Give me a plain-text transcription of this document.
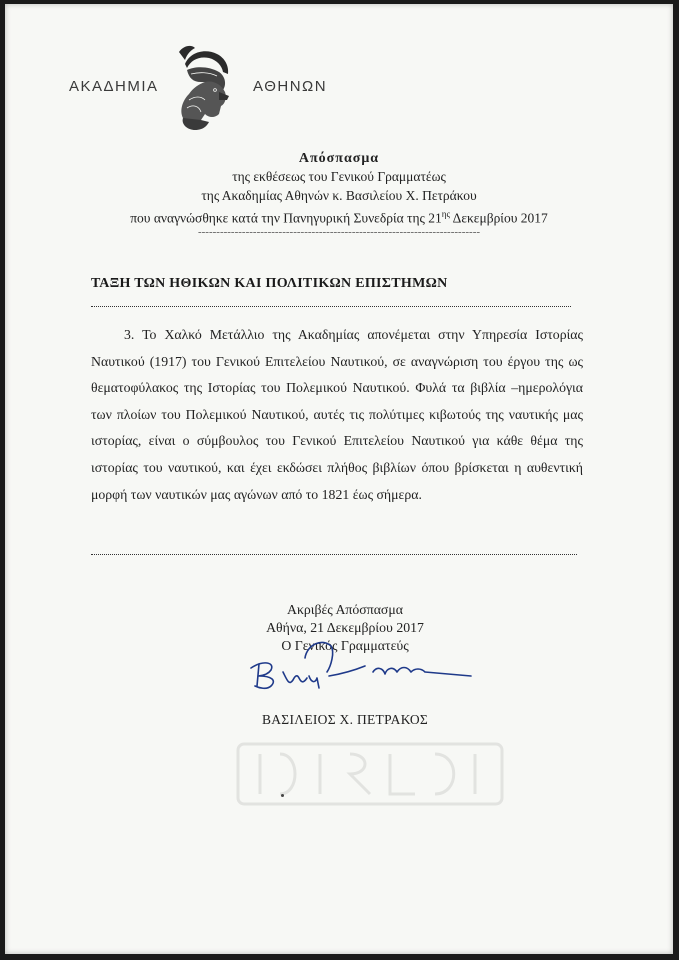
ΑΚΑΔΗΜΙΑ	ΑΘΗΝΩΝ
Απόσπασμα
της εκθέσεως του Γενικού Γραμματέως
της Ακαδημίας Αθηνών κ. Βασιλείου Χ. Πετράκου
που αναγνώσθηκε κατά την Πανηγυρική Συνεδρία της $21^{\eta\varsigma}$ Δεκεμβρίου 2017
-----------------------------------------------------------------------------
ΤΑΞΗ ΤΩΝ ΗΘΙΚΩΝ ΚΑΙ ΠΟΛΙΤΙΚΩΝ ΕΠΙΣΤΗΜΩΝ
3. Το Χαλκό Μετάλλιο της Ακαδημίας απονέμεται στην Υπηρεσία Ιστορίας Ναυτικού (1917) του Γενικού Επιτελείου Ναυτικού, σε αναγνώριση του έργου της ως θεματοφύλακος της Ιστορίας του Πολεμικού Ναυτικού. Φυλά τα βιβλία –ημερολόγια των πλοίων του Πολεμικού Ναυτικού, αυτές τις πολύτιμες κιβωτούς της ναυτικής μας ιστορίας, είναι ο σύμβουλος του Γενικού Επιτελείου Ναυτικού για κάθε θέμα της ιστορίας του ναυτικού, και έχει εκδώσει πλήθος βιβλίων όπου βρίσκεται η αυθεντική μορφή των ναυτικών μας αγώνων από το 1821 έως σήμερα.
Ακριβές Απόσπασμα
Αθήνα, 21 Δεκεμβρίου 2017
Ο Γενικός Γραμματεύς
ΒΑΣΙΛΕΙΟΣ Χ. ΠΕΤΡΑΚΟΣ
